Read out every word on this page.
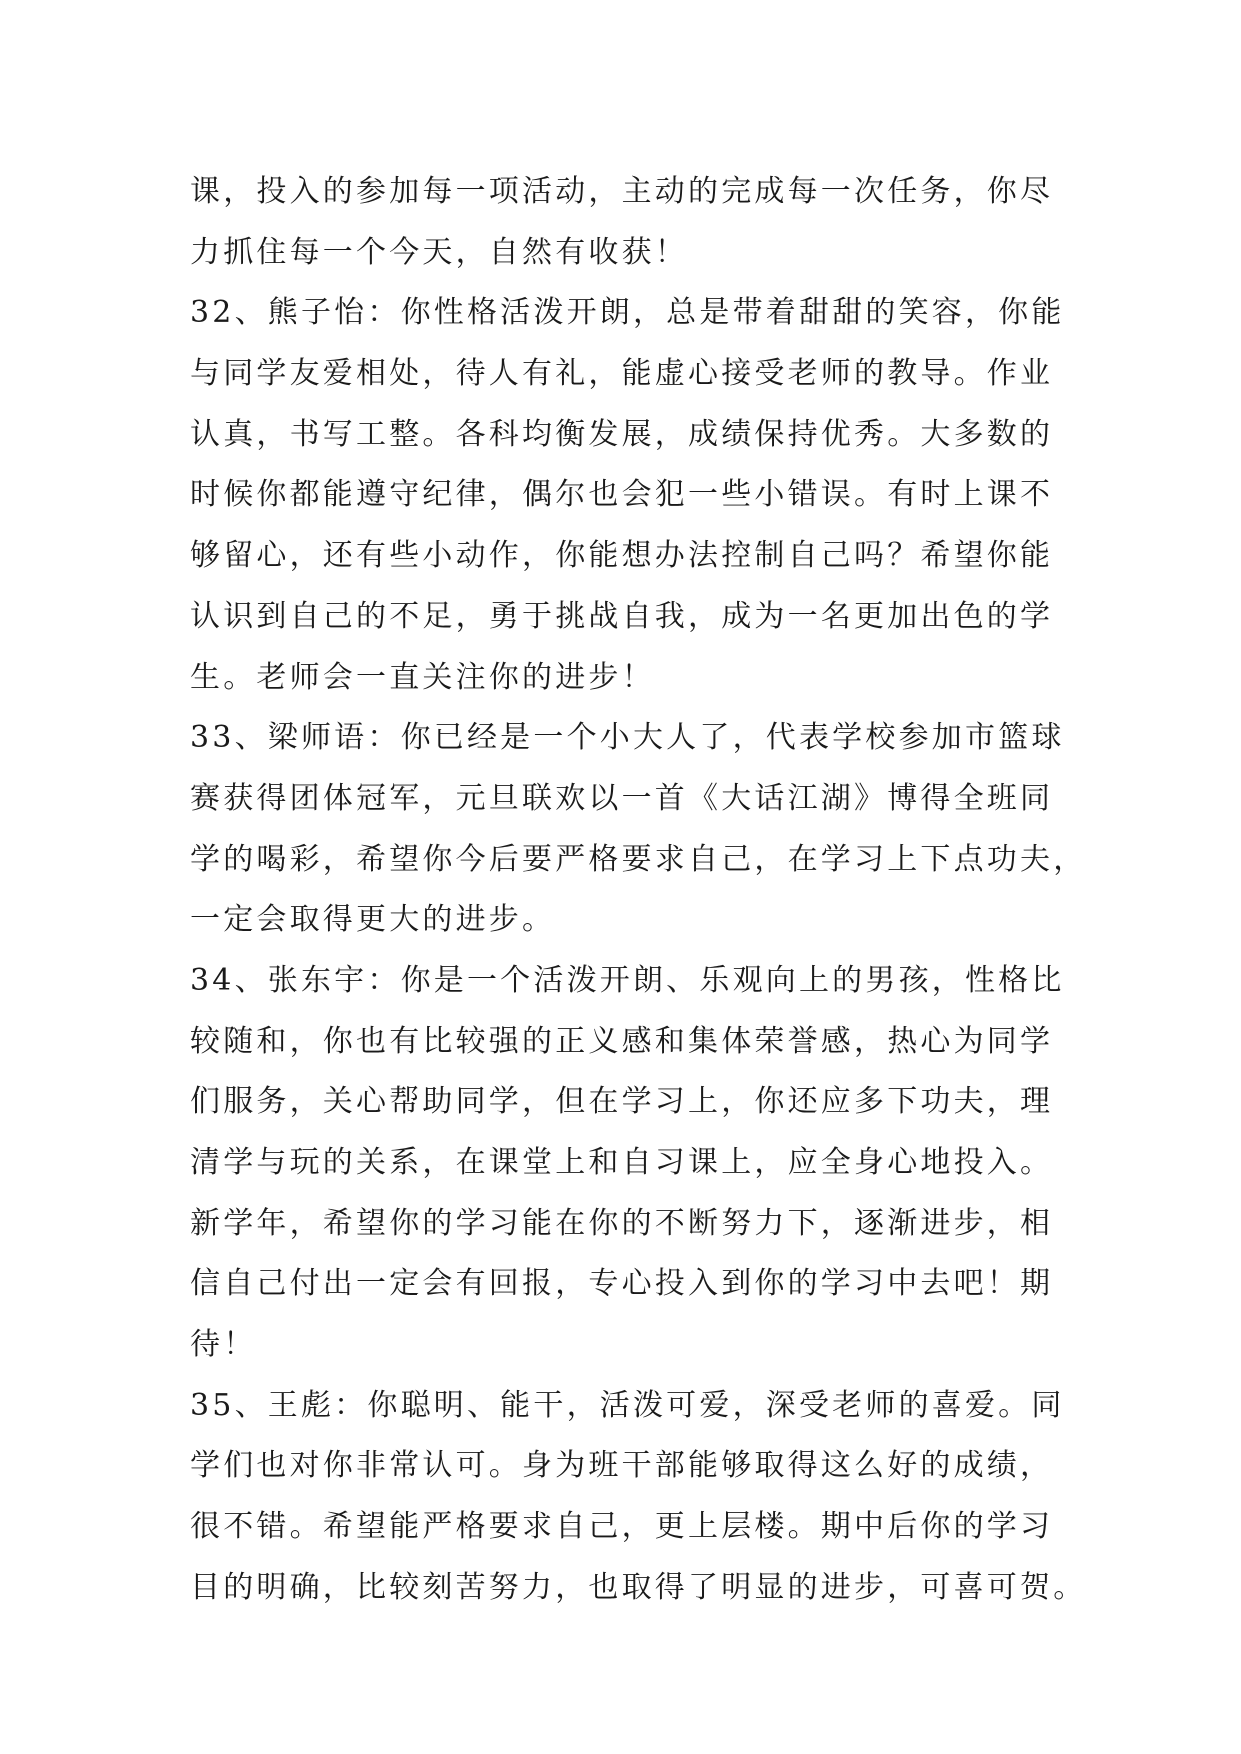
课，投入的参加每一项活动，主动的完成每一次任务，你尽
力抓住每一个今天，自然有收获！
32、熊子怡：你性格活泼开朗，总是带着甜甜的笑容，你能
与同学友爱相处，待人有礼，能虚心接受老师的教导。作业
认真，书写工整。各科均衡发展，成绩保持优秀。大多数的
时候你都能遵守纪律，偶尔也会犯一些小错误。有时上课不
够留心，还有些小动作，你能想办法控制自己吗？希望你能
认识到自己的不足，勇于挑战自我，成为一名更加出色的学
生。老师会一直关注你的进步！
33、梁师语：你已经是一个小大人了，代表学校参加市篮球
赛获得团体冠军，元旦联欢以一首《大话江湖》博得全班同
学的喝彩，希望你今后要严格要求自己，在学习上下点功夫，
一定会取得更大的进步。
34、张东宇：你是一个活泼开朗、乐观向上的男孩，性格比
较随和，你也有比较强的正义感和集体荣誉感，热心为同学
们服务，关心帮助同学，但在学习上，你还应多下功夫，理
清学与玩的关系，在课堂上和自习课上，应全身心地投入。
新学年，希望你的学习能在你的不断努力下，逐渐进步，相
信自己付出一定会有回报，专心投入到你的学习中去吧！期
待！
35、王彪：你聪明、能干，活泼可爱，深受老师的喜爱。同
学们也对你非常认可。身为班干部能够取得这么好的成绩，
很不错。希望能严格要求自己，更上层楼。期中后你的学习
目的明确，比较刻苦努力，也取得了明显的进步，可喜可贺。
